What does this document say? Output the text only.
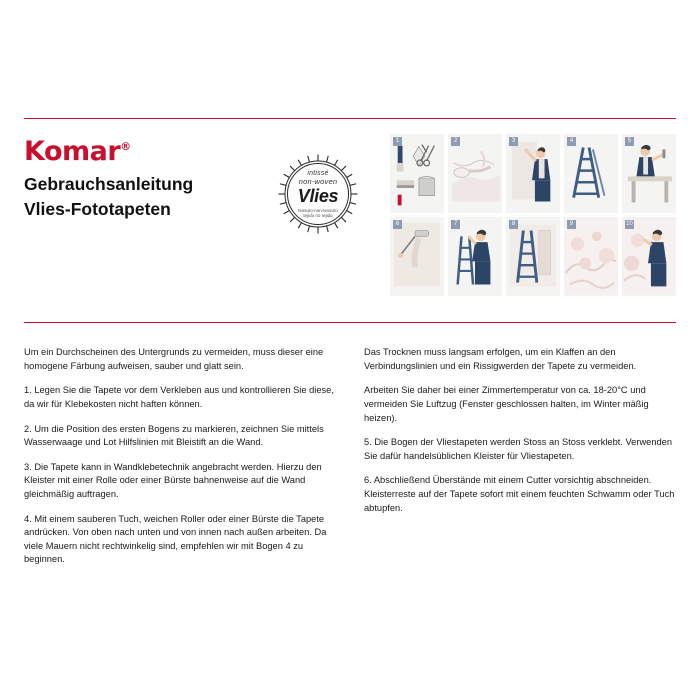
Komar®
Gebrauchsanleitung
Vlies-Fototapeten
intissé
non-woven
Vlies
tessuto-non-tessuto
tejido no tejido
1	2	3	4	5
6	7	8	9	10

Um ein Durchscheinen des Untergrunds zu vermeiden, muss dieser eine homogene Färbung aufweisen, sauber und glatt sein.

1. Legen Sie die Tapete vor dem Verkleben aus und kontrollieren Sie diese, da wir für Klebekosten nicht haften können.

2. Um die Position des ersten Bogens zu markieren, zeichnen Sie mittels Wasserwaage und Lot Hilfslinien mit Bleistift an die Wand.

3. Die Tapete kann in Wandklebetechnik angebracht werden. Hierzu den Kleister mit einer Rolle oder einer Bürste bahnenweise auf die Wand gleichmäßig auftragen.

4. Mit einem sauberen Tuch, weichen Roller oder einer Bürste die Tapete andrücken. Von oben nach unten und von innen nach außen arbeiten. Da viele Mauern nicht rechtwinkelig sind, empfehlen wir mit Bogen 4 zu beginnen.

Das Trocknen muss langsam erfolgen, um ein Klaffen an den Verbindungslinien und ein Rissigwerden der Tapete zu vermeiden.

Arbeiten Sie daher bei einer Zimmertemperatur von ca. 18-20°C und vermeiden Sie Luftzug (Fenster geschlossen halten, im Winter mäßig heizen).

5. Die Bogen der Vliestapeten werden Stoss an Stoss verklebt. Verwenden Sie dafür handelsüblichen Kleister für Vliestapeten.

6. Abschließend Überstände mit einem Cutter vorsichtig abschneiden. Kleisterreste auf der Tapete sofort mit einem feuchten Schwamm oder Tuch abtupfen.
